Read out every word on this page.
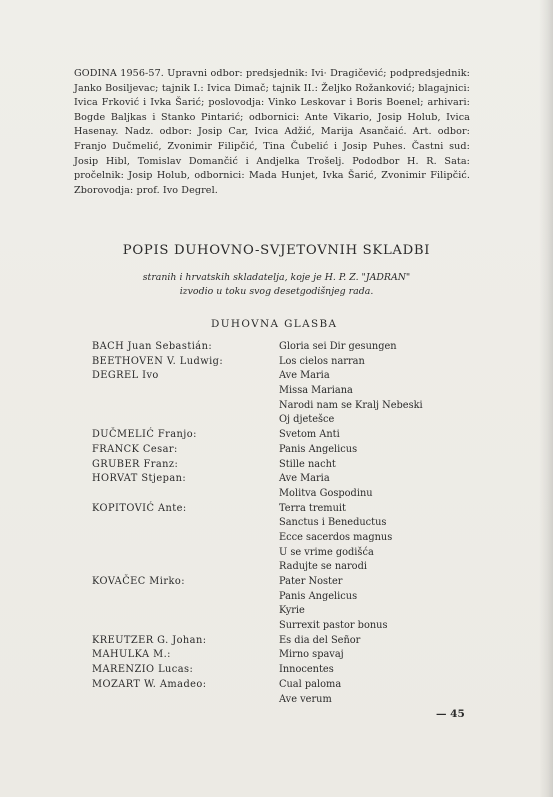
GODINA 1956-57. Upravni odbor: predsjednik: Ivi· Dragičević; podpredsjednik: Janko Bosiljevac; tajnik I.: Ivica Dimač; tajnik II.: Željko Rožanković; blagajnici: Ivica Frković i Ivka Šarić; poslovodja: Vinko Leskovar i Boris Boenel; arhivari: Bogde Baljkas i Stanko Pintarić; odbornici: Ante Vikario, Josip Holub, Ivica Hasenay. Nadz. odbor: Josip Car, Ivica Adžić, Marija Asančaić. Art. odbor: Franjo Dučmelić, Zvonimir Filipčić, Tina Čubelić i Josip Puhes. Častni sud: Josip Hibl, Tomislav Domančić i Andjelka Trošelj. Pododbor H. R. Sata: pročelnik: Josip Holub, odbornici: Mada Hunjet, Ivka Šarić, Zvonimir Filipčić. Zborovodja: prof. Ivo Degrel.
POPIS DUHOVNO-SVJETOVNIH SKLADBI
stranih i hrvatskih skladatelja, koje je H. P. Z. "JADRAN"
izvodio u toku svog desetgodišnjeg rada.
DUHOVNA GLASBA
BACH Juan Sebastián:	Gloria sei Dir gesungen
BEETHOVEN V. Ludwig:	Los cielos narran
DEGREL Ivo	Ave Maria
Missa Mariana
Narodi nam se Kralj Nebeski
Oj djetešce
DUČMELIĆ Franjo:	Svetom Anti
FRANCK Cesar:	Panis Angelicus
GRUBER Franz:	Stille nacht
HORVAT Stjepan:	Ave Maria
Molitva Gospodinu
KOPITOVIĆ Ante:	Terra tremuit
Sanctus i Beneductus
Ecce sacerdos magnus
U se vrime godišća
Radujte se narodi
KOVAČEC Mirko:	Pater Noster
Panis Angelicus
Kyrie
Surrexit pastor bonus
KREUTZER G. Johan:	Es dia del Señor
MAHULKA M.:	Mirno spavaj
MARENZIO Lucas:	Innocentes
MOZART W. Amadeo:	Cual paloma
Ave verum
— 45
